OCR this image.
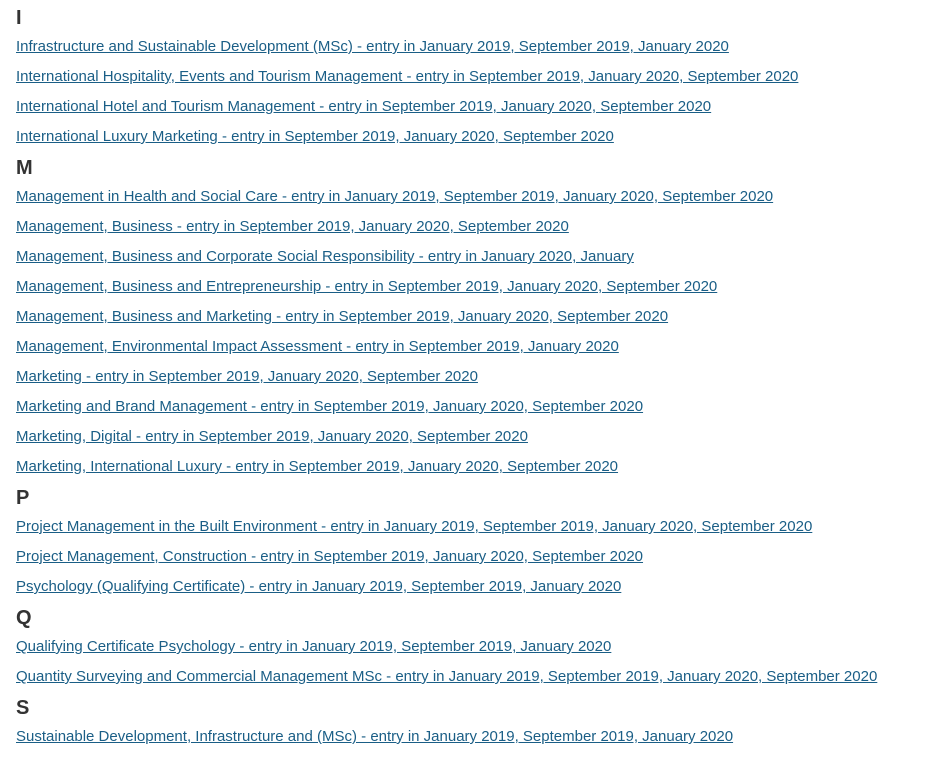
I
Infrastructure and Sustainable Development (MSc) - entry in January 2019, September 2019, January 2020
International Hospitality, Events and Tourism Management - entry in September 2019, January 2020, September 2020
International Hotel and Tourism Management - entry in September 2019, January 2020, September 2020
International Luxury Marketing - entry in September 2019, January 2020, September 2020
M
Management in Health and Social Care - entry in January 2019, September 2019, January 2020, September 2020
Management, Business - entry in September 2019, January 2020, September 2020
Management, Business and Corporate Social Responsibility - entry in January 2020, January
Management, Business and Entrepreneurship - entry in September 2019, January 2020, September 2020
Management, Business and Marketing - entry in September 2019, January 2020, September 2020
Management, Environmental Impact Assessment - entry in September 2019, January 2020
Marketing - entry in September 2019, January 2020, September 2020
Marketing and Brand Management - entry in September 2019, January 2020, September 2020
Marketing, Digital - entry in September 2019, January 2020, September 2020
Marketing, International Luxury - entry in September 2019, January 2020, September 2020
P
Project Management in the Built Environment - entry in January 2019, September 2019, January 2020, September 2020
Project Management, Construction - entry in September 2019, January 2020, September 2020
Psychology (Qualifying Certificate) - entry in January 2019, September 2019, January 2020
Q
Qualifying Certificate Psychology - entry in January 2019, September 2019, January 2020
Quantity Surveying and Commercial Management MSc - entry in January 2019, September 2019, January 2020, September 2020
S
Sustainable Development, Infrastructure and (MSc) - entry in January 2019, September 2019, January 2020
